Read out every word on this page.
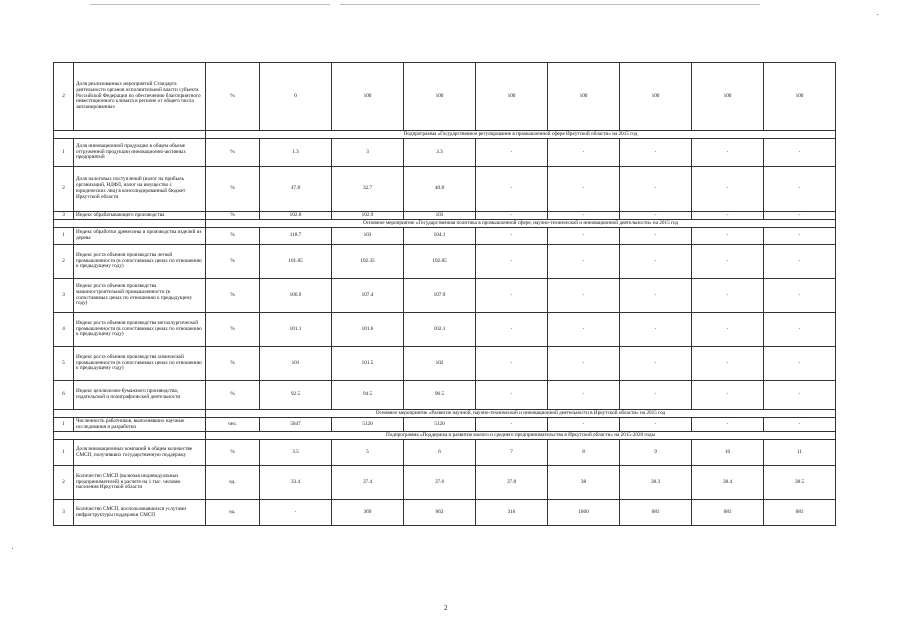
2	Доля реализованных мероприятий Стандарта деятельности органов исполнительной власти субъекта Российской Федерации по обеспечению благоприятного инвестиционного климата в регионе от общего числа запланированных	%	0	100	100	100	100	100	100	100
		Подпрограмма «Государственное регулирование в промышленной сфере Иркутской области» на 2015 год								
1	Доля инновационной продукции в общем объеме отгруженной продукции инновационно-активных предприятий	%	1.3	3	3.3	-	-	-	-	-
2	Доля налоговых поступлений (налог на прибыль организаций, НДФЛ, налог на имущество с юридических лиц) в консолидированный бюджет Иркутской области	%	47.8	32.7	40.8	-	-	-	-	-
3	Индекс обрабатывающего производства	%	102.8	102.9	103	-	-	-	-	-
		Основное мероприятие «Государственная политика в промышленной сфере, научно-технической и инновационной деятельности» на 2015 год								
1	Индекс обработки древесины и производства изделий из дерева	%	118.7	103	104.1	-	-	-	-	-
2	Индекс роста объемов производства легкой промышленности (в сопоставимых ценах по отношению к предыдущему году)	%	101.85	102.35	102.85	-	-	-	-	-
3	Индекс роста объемов производства машиностроительной промышленности (в сопоставимых ценах по отношению к предыдущему году)	%	106.9	107.4	107.9	-	-	-	-	-
4	Индекс роста объемов производства металлургической промышленности (в сопоставимых ценах по отношению к предыдущему году)	%	101.1	101.6	102.1	-	-	-	-	-
5	Индекс роста объемов производства химической промышленности (в сопоставимых ценах по отношению к предыдущему году)	%	101	101.5	102	-	-	-	-	-
6	Индекс целлюлозно-бумажного производства; издательской и полиграфической деятельности	%	92.5	94.5	96.5	-	-	-	-	-
		Основное мероприятие «Развитие научной, научно-технической и инновационной деятельности в Иркутской области» на 2015 год								
1	Численность работников, выполнявших научные исследования и разработки	чел.	5047	5120	5120	-	-	-	-	-
		Подпрограмма «Поддержка и развитие малого и среднего предпринимательства в Иркутской области» на 2015-2020 годы								
1	Доля инновационных компаний в общем количестве СМСП, получивших государственную поддержку	%	3.5	5	6	7	8	9	10	11
2	Количество СМСП (включая индивидуальных предпринимателей) в расчете на 1 тыс. человек населения Иркутской области	ед.	33.4	37.4	37.6	37.8	38	38.3	38.4	38.5
3	Количество СМСП, воспользовавшихся услугами инфраструктуры поддержки СМСП	ед.	-	369	662	316	1660	681	681	681
2
